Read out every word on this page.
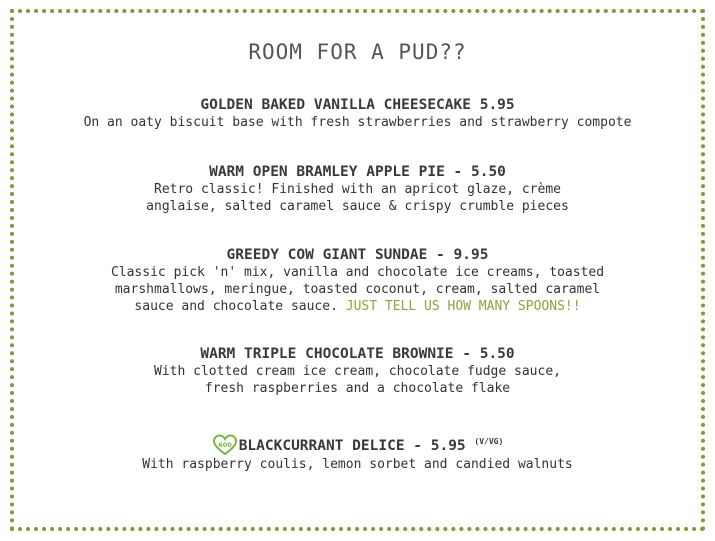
ROOM FOR A PUD??
GOLDEN BAKED VANILLA CHEESECAKE 5.95
On an oaty biscuit base with fresh strawberries and strawberry compote
WARM OPEN BRAMLEY APPLE PIE - 5.50
Retro classic! Finished with an apricot glaze, crème
anglaise, salted caramel sauce & crispy crumble pieces
GREEDY COW GIANT SUNDAE - 9.95
Classic pick 'n' mix, vanilla and chocolate ice creams, toasted
marshmallows, meringue, toasted coconut, cream, salted caramel
sauce and chocolate sauce. JUST TELL US HOW MANY SPOONS!!
WARM TRIPLE CHOCOLATE BROWNIE - 5.50
With clotted cream ice cream, chocolate fudge sauce,
fresh raspberries and a chocolate flake
600 BLACKCURRANT DELICE - 5.95 $^{(V/VG)}$
With raspberry coulis, lemon sorbet and candied walnuts
